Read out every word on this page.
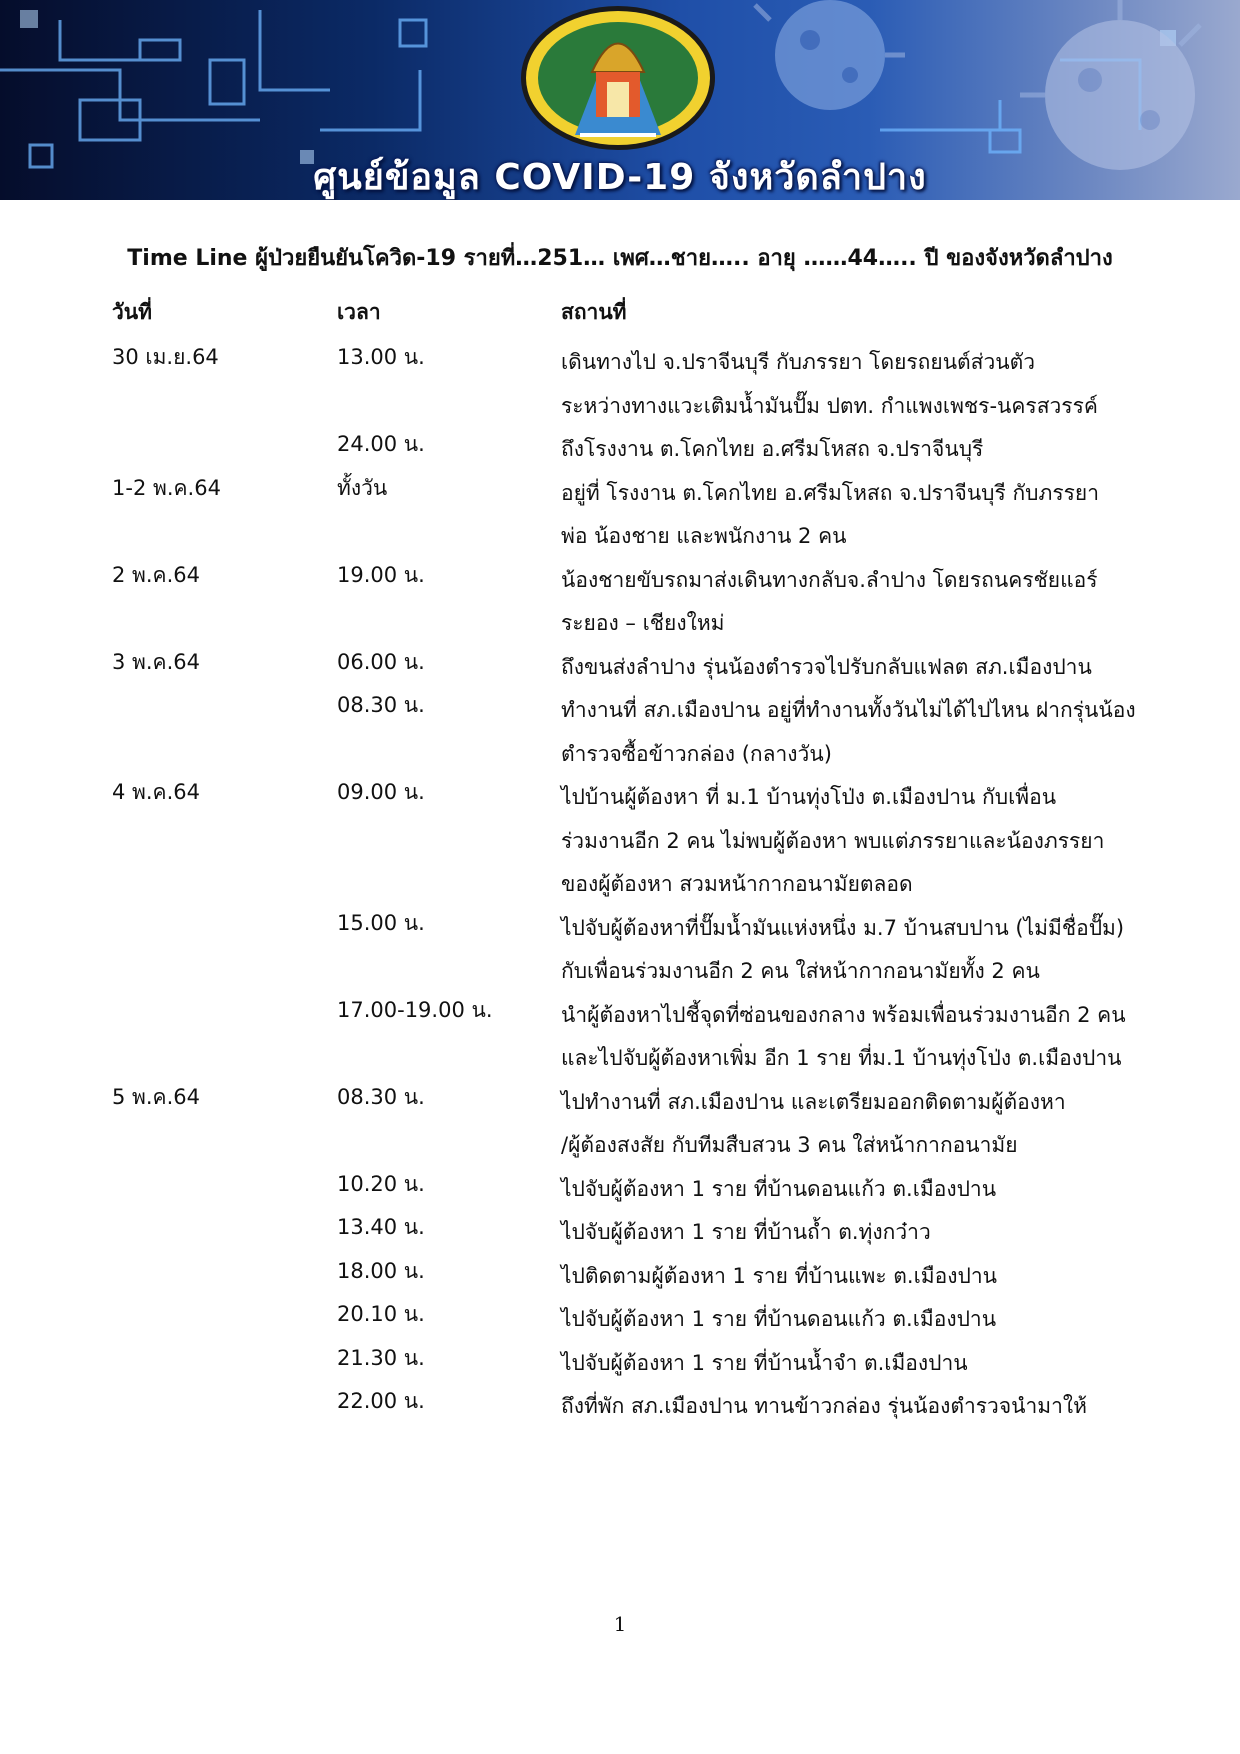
ศูนย์ข้อมูล COVID-19 จังหวัดลำปาง
Time Line ผู้ป่วยยืนยันโควิด-19 รายที่…251… เพศ…ชาย….. อายุ ……44….. ปี ของจังหวัดลำปาง
วันที่	เวลา	สถานที่
30 เม.ย.64	13.00 น.	เดินทางไป จ.ปราจีนบุรี กับภรรยา โดยรถยนต์ส่วนตัว
ระหว่างทางแวะเติมน้ำมันปั๊ม ปตท. กำแพงเพชร-นครสวรรค์
24.00 น.	ถึงโรงงาน ต.โคกไทย อ.ศรีมโหสถ จ.ปราจีนบุรี
1-2 พ.ค.64	ทั้งวัน	อยู่ที่ โรงงาน ต.โคกไทย อ.ศรีมโหสถ จ.ปราจีนบุรี กับภรรยา
พ่อ น้องชาย และพนักงาน 2 คน
2 พ.ค.64	19.00 น.	น้องชายขับรถมาส่งเดินทางกลับจ.ลำปาง โดยรถนครชัยแอร์
ระยอง – เชียงใหม่
3 พ.ค.64	06.00 น.	ถึงขนส่งลำปาง รุ่นน้องตำรวจไปรับกลับแฟลต สภ.เมืองปาน
08.30 น.	ทำงานที่ สภ.เมืองปาน อยู่ที่ทำงานทั้งวันไม่ได้ไปไหน ฝากรุ่นน้อง
ตำรวจซื้อข้าวกล่อง (กลางวัน)
4 พ.ค.64	09.00 น.	ไปบ้านผู้ต้องหา ที่ ม.1 บ้านทุ่งโป่ง ต.เมืองปาน กับเพื่อน
ร่วมงานอีก 2 คน ไม่พบผู้ต้องหา พบแต่ภรรยาและน้องภรรยา
ของผู้ต้องหา สวมหน้ากากอนามัยตลอด
15.00 น.	ไปจับผู้ต้องหาที่ปั๊มน้ำมันแห่งหนึ่ง ม.7 บ้านสบปาน (ไม่มีชื่อปั๊ม)
กับเพื่อนร่วมงานอีก 2 คน ใส่หน้ากากอนามัยทั้ง 2 คน
17.00-19.00 น.	นำผู้ต้องหาไปชี้จุดที่ซ่อนของกลาง พร้อมเพื่อนร่วมงานอีก 2 คน
และไปจับผู้ต้องหาเพิ่ม อีก 1 ราย ที่ม.1 บ้านทุ่งโป่ง ต.เมืองปาน
5 พ.ค.64	08.30 น.	ไปทำงานที่ สภ.เมืองปาน และเตรียมออกติดตามผู้ต้องหา
/ผู้ต้องสงสัย กับทีมสืบสวน 3 คน ใส่หน้ากากอนามัย
10.20 น.	ไปจับผู้ต้องหา 1 ราย ที่บ้านดอนแก้ว ต.เมืองปาน
13.40 น.	ไปจับผู้ต้องหา 1 ราย ที่บ้านถ้ำ ต.ทุ่งกว๋าว
18.00 น.	ไปติดตามผู้ต้องหา 1 ราย ที่บ้านแพะ ต.เมืองปาน
20.10 น.	ไปจับผู้ต้องหา 1 ราย ที่บ้านดอนแก้ว ต.เมืองปาน
21.30 น.	ไปจับผู้ต้องหา 1 ราย ที่บ้านน้ำจำ ต.เมืองปาน
22.00 น.	ถึงที่พัก สภ.เมืองปาน ทานข้าวกล่อง รุ่นน้องตำรวจนำมาให้
1
